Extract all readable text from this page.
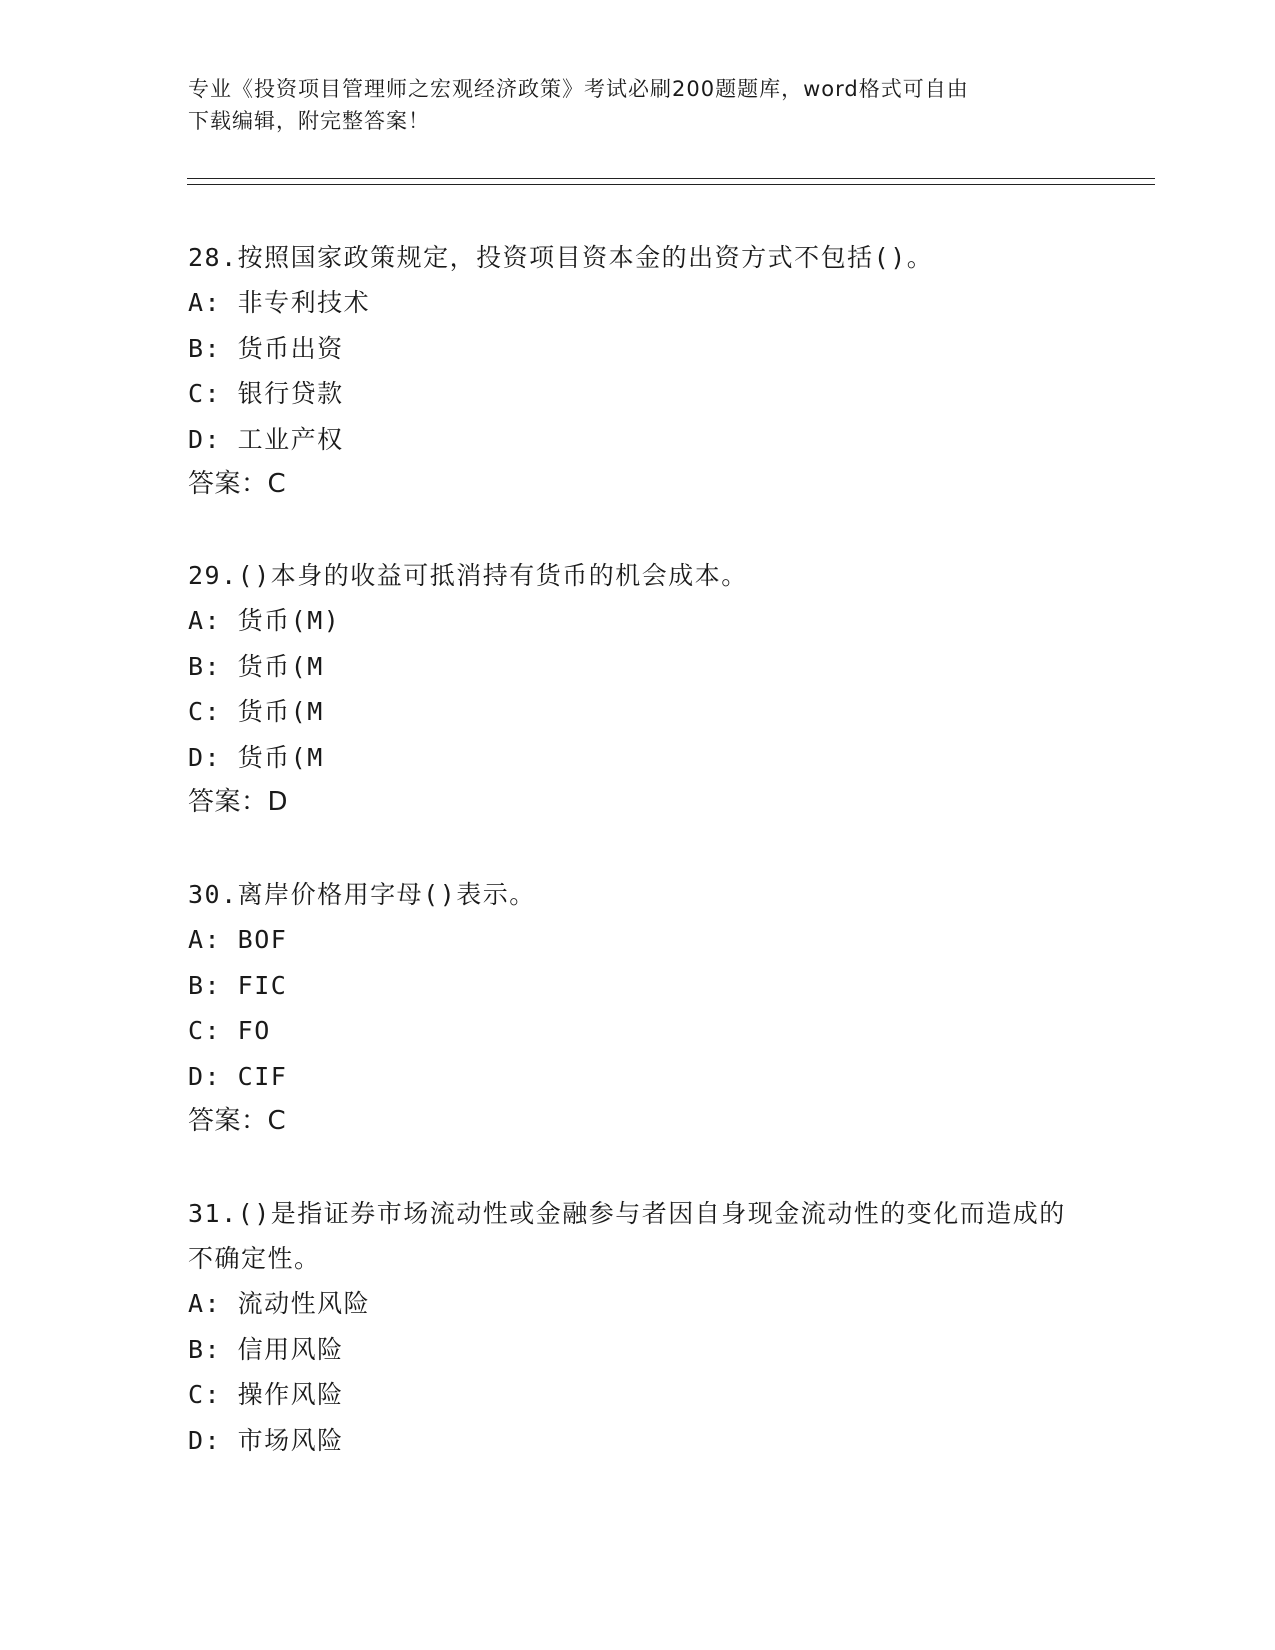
专业《投资项目管理师之宏观经济政策》考试必刷200题题库，word格式可自由
下载编辑，附完整答案！

28.按照国家政策规定，投资项目资本金的出资方式不包括()。

A: 非专利技术

B: 货币出资

C: 银行贷款

D: 工业产权

答案：C

29.()本身的收益可抵消持有货币的机会成本。

A: 货币(M)

B: 货币(M

C: 货币(M

D: 货币(M

答案：D

30.离岸价格用字母()表示。

A: BOF

B: FIC

C: FO

D: CIF

答案：C

31.()是指证券市场流动性或金融参与者因自身现金流动性的变化而造成的不确定性。

A: 流动性风险

B: 信用风险

C: 操作风险

D: 市场风险
